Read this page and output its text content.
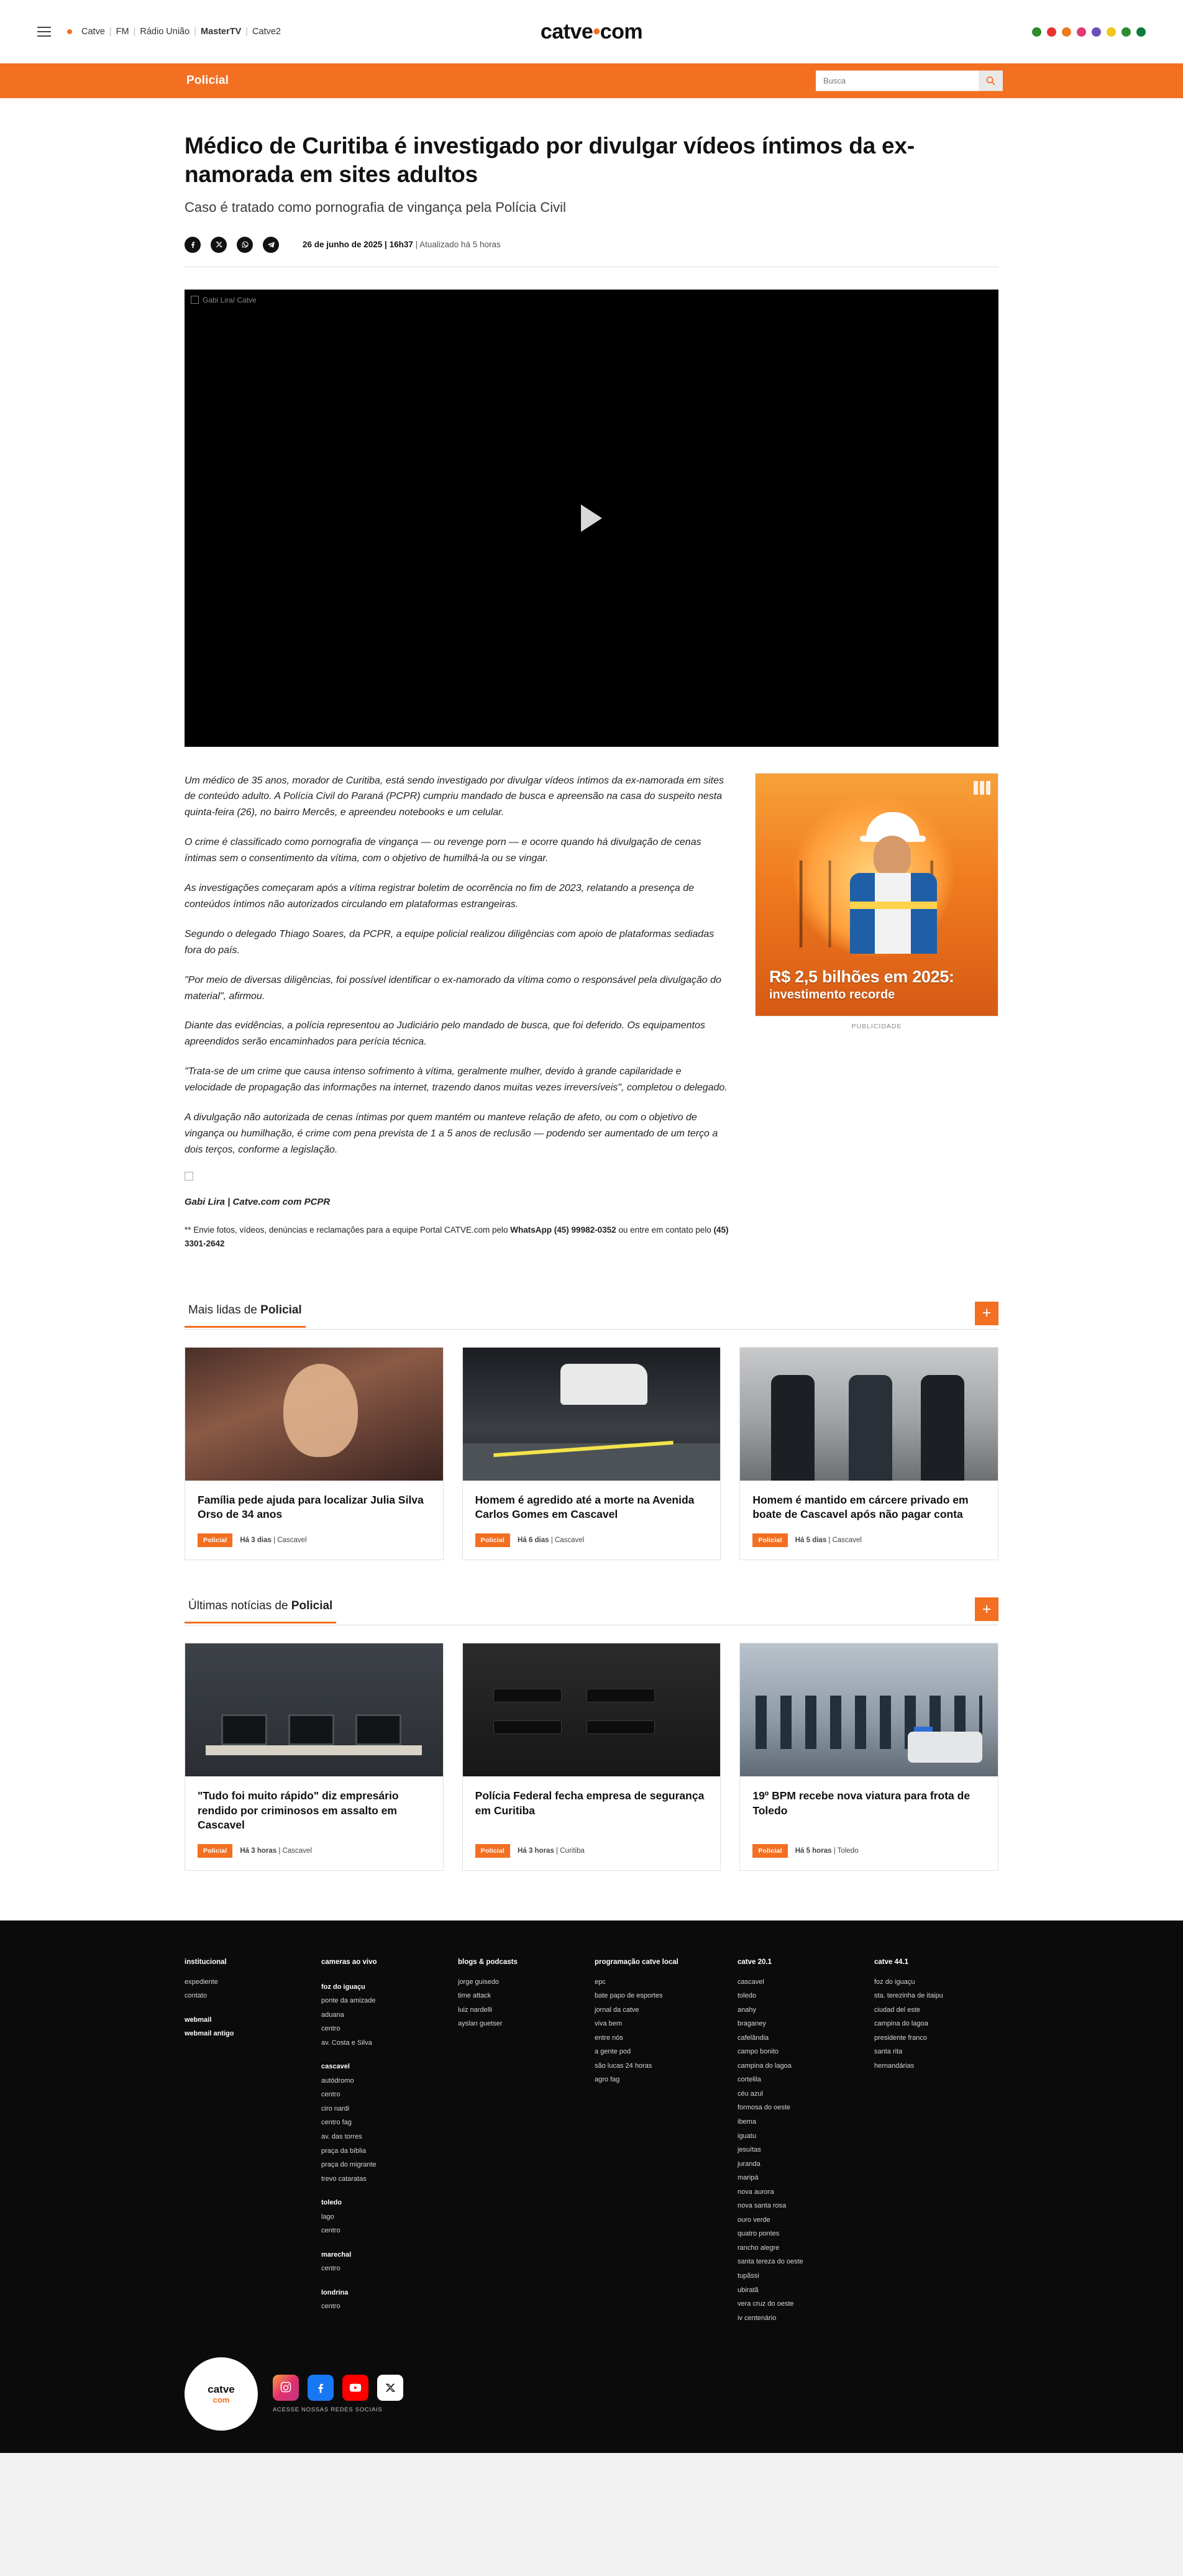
Catve | FM | Rádio União | MasterTV | Catve2	catve • com
Policial
Busca
Médico de Curitiba é investigado por divulgar vídeos íntimos da ex-namorada em sites adultos
Caso é tratado como pornografia de vingança pela Polícia Civil
26 de junho de 2025 | 16h37 | Atualizado há 5 horas
Gabi Lira/ Catve

Um médico de 35 anos, morador de Curitiba, está sendo investigado por divulgar vídeos íntimos da ex-namorada em sites de conteúdo adulto. A Polícia Civil do Paraná (PCPR) cumpriu mandado de busca e apreensão na casa do suspeito nesta quinta-feira (26), no bairro Mercês, e apreendeu notebooks e um celular.

O crime é classificado como pornografia de vingança — ou revenge porn — e ocorre quando há divulgação de cenas íntimas sem o consentimento da vítima, com o objetivo de humilhá-la ou se vingar.

As investigações começaram após a vítima registrar boletim de ocorrência no fim de 2023, relatando a presença de conteúdos íntimos não autorizados circulando em plataformas estrangeiras.

Segundo o delegado Thiago Soares, da PCPR, a equipe policial realizou diligências com apoio de plataformas sediadas fora do país.

"Por meio de diversas diligências, foi possível identificar o ex-namorado da vítima como o responsável pela divulgação do material", afirmou.

Diante das evidências, a polícia representou ao Judiciário pelo mandado de busca, que foi deferido. Os equipamentos apreendidos serão encaminhados para perícia técnica.

"Trata-se de um crime que causa intenso sofrimento à vítima, geralmente mulher, devido à grande capilaridade e velocidade de propagação das informações na internet, trazendo danos muitas vezes irreversíveis", completou o delegado.

A divulgação não autorizada de cenas íntimas por quem mantém ou manteve relação de afeto, ou com o objetivo de vingança ou humilhação, é crime com pena prevista de 1 a 5 anos de reclusão — podendo ser aumentado de um terço a dois terços, conforme a legislação.

Gabi Lira | Catve.com com PCPR

** Envie fotos, vídeos, denúncias e reclamações para a equipe Portal CATVE.com pelo WhatsApp (45) 99982-0352 ou entre em contato pelo (45) 3301-2642

R$ 2,5 bilhões em 2025:
investimento recorde
PUBLICIDADE
Mais lidas de Policial	+
Família pede ajuda para localizar Julia Silva Orso de 34 anos
Policial	Há 3 dias | Cascavel
Homem é agredido até a morte na Avenida Carlos Gomes em Cascavel
Policial	Há 6 dias | Cascavel
Homem é mantido em cárcere privado em boate de Cascavel após não pagar conta
Policial	Há 5 dias | Cascavel
Últimas notícias de Policial	+
"Tudo foi muito rápido" diz empresário rendido por criminosos em assalto em Cascavel
Policial	Há 3 horas | Cascavel
Polícia Federal fecha empresa de segurança em Curitiba
Policial	Há 3 horas | Curitiba
19º BPM recebe nova viatura para frota de Toledo
Policial	Há 5 horas | Toledo
institucional
expediente
contato
webmail
webmail antigo
cameras ao vivo
foz do iguaçu
ponte da amizade
aduana
centro
av. Costa e Silva
cascavel
autódromo
centro
ciro nardi
centro fag
av. das torres
praça da bíblia
praça do migrante
trevo cataratas
toledo
lago
centro
marechal
centro
londrina
centro
blogs & podcasts
jorge guisedo
time attack
luiz nardelli
ayslan guetser
programação catve local
epc
bate papo de esportes
jornal da catve
viva bem
entre nós
a gente pod
são lucas 24 horas
agro fag
catve 20.1
cascavel
toledo
anahy
braganey
cafelândia
campo bonito
campina do lagoa
cortelila
céu azul
formosa do oeste
ibema
iguatu
jesuítas
juranda
maripá
nova aurora
nova santa rosa
ouro verde
quatro pontes
rancho alegre
santa tereza do oeste
tupãssi
ubiratã
vera cruz do oeste
iv centenário
catve 44.1
foz do iguaçu
sta. terezinha de itaipu
ciudad del este
campina do lagoa
presidente franco
santa rita
hernandárias
catve
com
ACESSE NOSSAS REDES SOCIAIS
